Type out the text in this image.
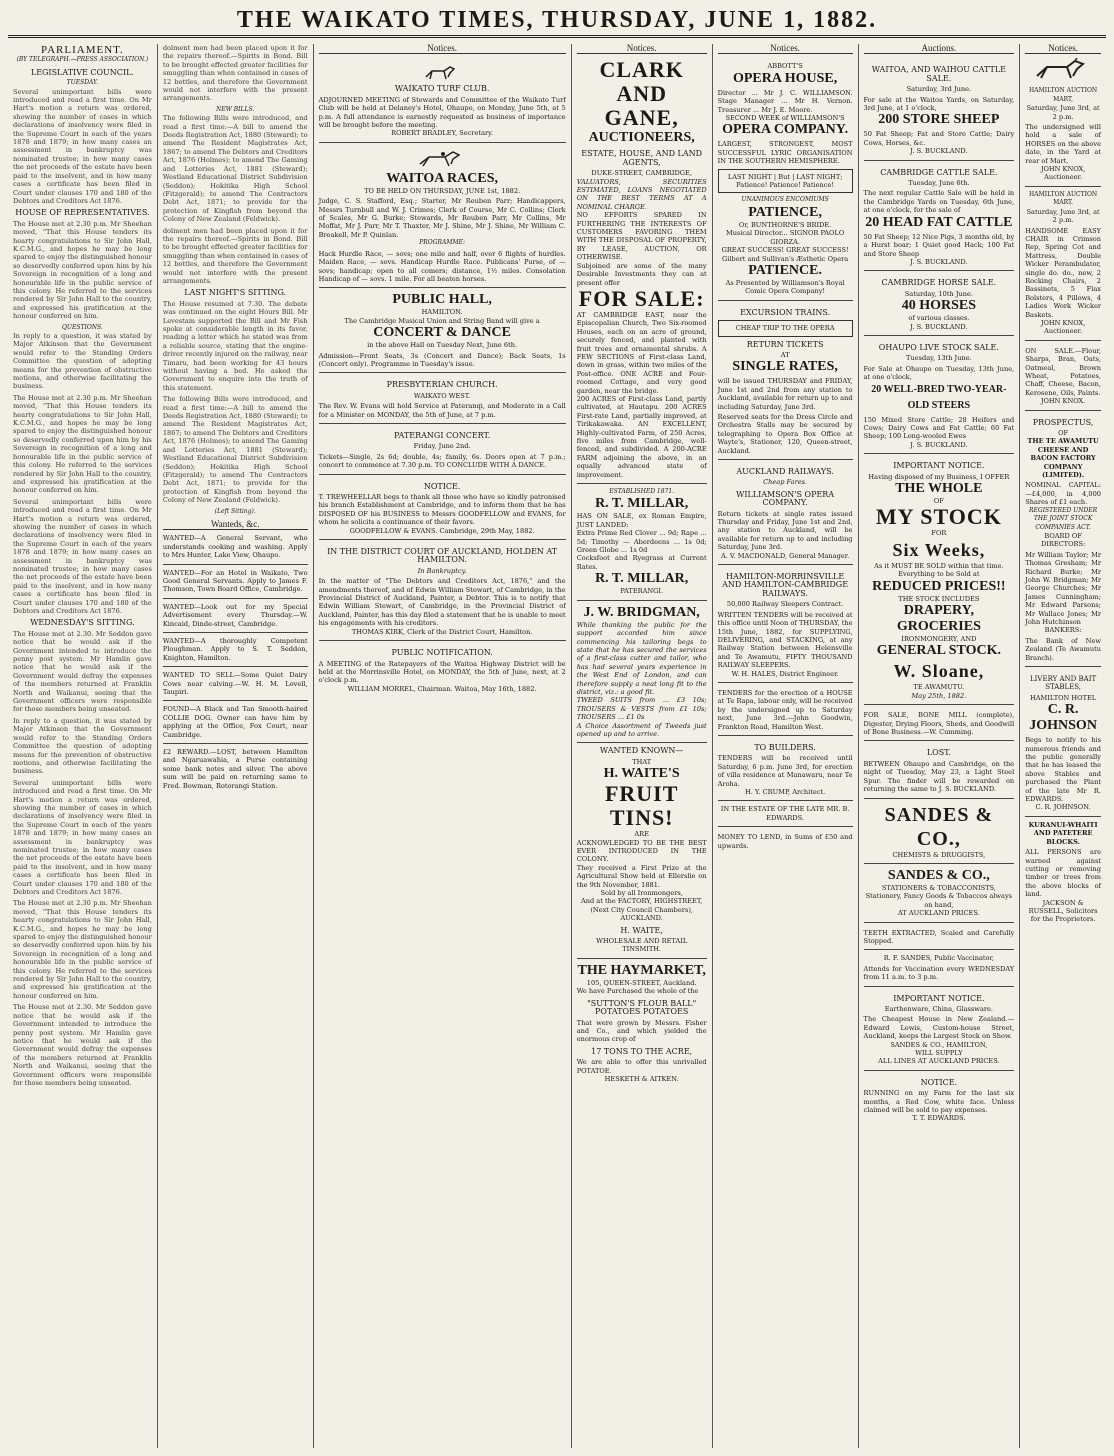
THE WAIKATO TIMES, THURSDAY, JUNE 1, 1882.
PARLIAMENT.
(BY TELEGRAPH.—PRESS ASSOCIATION.)
LEGISLATIVE COUNCIL.
TUESDAY.

Several unimportant bills were introduced and read a first time. On Mr Hart's motion a return was ordered, showing the number of cases in which declarations of insolvency were filed in the Supreme Court in each of the years 1878 and 1879; in how many cases an assessment in bankruptcy was nominated trustee; in how many cases the net proceeds of the estate have been paid to the insolvent, and in how many cases a certificate has been filed in Court under clauses 170 and 180 of the Debtors and Creditors Act 1876.

HOUSE OF REPRESENTATIVES.

The House met at 2.30 p.m. Mr Sheehan moved, "That this House tenders its hearty congratulations to Sir John Hall, K.C.M.G., and hopes he may be long spared to enjoy the distinguished honour so deservedly conferred upon him by his Sovereign in recognition of a long and honourable life in the public service of this colony. He referred to the services rendered by Sir John Hall to the country, and expressed his gratification at the honour conferred on him.

QUESTIONS.

In reply to a question, it was stated by Major Atkinson that the Government would refer to the Standing Orders Committee the question of adopting means for the prevention of obstructive motions, and otherwise facilitating the business.

The House met at 2.30 p.m. Mr Sheehan moved, "That this House tenders its hearty congratulations to Sir John Hall, K.C.M.G., and hopes he may be long spared to enjoy the distinguished honour so deservedly conferred upon him by his Sovereign in recognition of a long and honourable life in the public service of this colony. He referred to the services rendered by Sir John Hall to the country, and expressed his gratification at the honour conferred on him.

Several unimportant bills were introduced and read a first time. On Mr Hart's motion a return was ordered, showing the number of cases in which declarations of insolvency were filed in the Supreme Court in each of the years 1878 and 1879; in how many cases an assessment in bankruptcy was nominated trustee; in how many cases the net proceeds of the estate have been paid to the insolvent, and in how many cases a certificate has been filed in Court under clauses 170 and 180 of the Debtors and Creditors Act 1876.

WEDNESDAY'S SITTING.

The House met at 2.30. Mr Seddon gave notice that he would ask if the Government intended to introduce the penny post system. Mr Hamlin gave notice that he would ask if the Government would defray the expenses of the members returned at Franklin North and Waikanui, seeing that the Government officers were responsible for those members being unseated.

In reply to a question, it was stated by Major Atkinson that the Government would refer to the Standing Orders Committee the question of adopting means for the prevention of obstructive motions, and otherwise facilitating the business.

Several unimportant bills were introduced and read a first time. On Mr Hart's motion a return was ordered, showing the number of cases in which declarations of insolvency were filed in the Supreme Court in each of the years 1878 and 1879; in how many cases an assessment in bankruptcy was nominated trustee; in how many cases the net proceeds of the estate have been paid to the insolvent, and in how many cases a certificate has been filed in Court under clauses 170 and 180 of the Debtors and Creditors Act 1876.

The House met at 2.30 p.m. Mr Sheehan moved, "That this House tenders its hearty congratulations to Sir John Hall, K.C.M.G., and hopes he may be long spared to enjoy the distinguished honour so deservedly conferred upon him by his Sovereign in recognition of a long and honourable life in the public service of this colony. He referred to the services rendered by Sir John Hall to the country, and expressed his gratification at the honour conferred on him.

The House met at 2.30. Mr Seddon gave notice that he would ask if the Government intended to introduce the penny post system. Mr Hamlin gave notice that he would ask if the Government would defray the expenses of the members returned at Franklin North and Waikanui, seeing that the Government officers were responsible for those members being unseated.

dolment men had been placed upon it for the repairs thereof.—Spirits in Bond. Bill to be brought effected greater facilities for smuggling than when contained in cases of 12 bottles, and therefore the Government would not interfere with the present arrangements.

NEW BILLS.

The following Bills were introduced, and read a first time:—A bill to amend the Deeds Registration Act, 1880 (Steward); to amend The Resident Magistrates Act, 1867; to amend The Debtors and Creditors Act, 1876 (Holmes); to amend The Gaming and Lotteries Act, 1881 (Steward); Westland Educational District Subdivision (Seddon); Hokitika High School (Fitzgerald); to amend The Contractors Debt Act, 1871; to provide for the protection of Kingfish from beyond the Colony of New Zealand (Feldwick).

dolment men had been placed upon it for the repairs thereof.—Spirits in Bond. Bill to be brought effected greater facilities for smuggling than when contained in cases of 12 bottles, and therefore the Government would not interfere with the present arrangements.

LAST NIGHT'S SITTING.

The House resumed at 7.30. The debate was continued on the eight Hours Bill. Mr Levestam supported the Bill and Mr Fish spoke at considerable length in its favor, reading a letter which he stated was from a reliable source, stating that the engine-driver recently injured on the railway, near Timaru, had been working for 43 hours without having a bed. He asked the Government to enquire into the truth of this statement.

The following Bills were introduced, and read a first time:—A bill to amend the Deeds Registration Act, 1880 (Steward); to amend The Resident Magistrates Act, 1867; to amend The Debtors and Creditors Act, 1876 (Holmes); to amend The Gaming and Lotteries Act, 1881 (Steward); Westland Educational District Subdivision (Seddon); Hokitika High School (Fitzgerald); to amend The Contractors Debt Act, 1871; to provide for the protection of Kingfish from beyond the Colony of New Zealand (Feldwick).

(Left Sitting).
Wanteds, &c.

WANTED—A General Servant, who understands cooking and washing. Apply to Mrs Hunter, Lake View, Ohaupo.

WANTED—For an Hotel in Waikato, Two Good General Servants. Apply to James F. Thomson, Town Board Office, Cambridge.

WANTED—Look out for my Special Advertisement every Thursday.—W. Kincaid, Dinde-street, Cambridge.

WANTED—A thoroughly Competent Ploughman. Apply to S. T. Seddon, Knighton, Hamilton.

WANTED TO SELL—Some Quiet Dairy Cows near calving.—W. H. M. Lovell, Taupiri.

FOUND—A Black and Tan Smooth-haired COLLIE DOG. Owner can have him by applying at the Office, Fox Court, near Cambridge.

£2 REWARD.—LOST, between Hamilton and Ngaruawahia, a Purse containing some bank notes and silver. The above sum will be paid on returning same to Fred. Bowman, Rotorangi Station.

Notices.
WAIKATO TURF CLUB.

ADJOURNED MEETING of Stewards and Committee of the Waikato Turf Club will be held at Delaney's Hotel, Ohaupo, on Monday, June 5th, at 5 p.m. A full attendance is earnestly requested as business of importance will be brought before the meeting.

ROBERT BRADLEY, Secretary.
WAITOA RACES,
TO BE HELD ON THURSDAY, JUNE 1st, 1882.

Judge, C. S. Stafford, Esq.; Starter, Mr Reuben Parr; Handicappers, Messrs Turnbull and W. J. Crimes; Clerk of Course, Mr C. Collins; Clerk of Scales, Mr G. Burke; Stewards, Mr Reuben Parr, Mr Collins, Mr Moffat, Mr J. Parr, Mr T. Thaxter, Mr J. Shine, Mr J. Shine, Mr William C. Breakell, Mr P. Quinlan.

PROGRAMME:

Hack Hurdle Race, — sovs; one mile and half, over 6 flights of hurdles. Maiden Race, — sovs. Handicap Hurdle Race. Publicans' Purse, of — sovs; handicap; open to all comers; distance, 1½ miles. Consolation Handicap of — sovs. 1 mile. For all beaten horses.

PUBLIC HALL,
HAMILTON.
The Cambridge Musical Union and String Band will give a
CONCERT & DANCE
in the above Hall on Tuesday Next, June 6th.

Admission—Front Seats, 3s (Concert and Dance); Back Seats, 1s (Concert only). Programme in Tuesday's issue.

PRESBYTERIAN CHURCH.
WAIKATO WEST.

The Rev. W. Evans will hold Service at Pateranqi, and Moderate in a Call for a Minister on MONDAY, the 5th of June, at 7 p.m.

PATERANGI CONCERT.
Friday, June 2nd.

Tickets—Single, 2s 6d; double, 4s; family, 6s. Doors open at 7 p.m.; concert to commence at 7.30 p.m. TO CONCLUDE WITH A DANCE.

NOTICE.

T. TREWHEELLAR begs to thank all those who have so kindly patronised his branch Establishment at Cambridge, and to inform them that he has DISPOSED OF his BUSINESS to Messrs GOODFELLOW and EVANS, for whom he solicits a continuance of their favors.

GOODFELLOW & EVANS. Cambridge, 29th May, 1882.
IN THE DISTRICT COURT OF AUCKLAND, HOLDEN AT HAMILTON.
In Bankruptcy.

In the matter of "The Debtors and Creditors Act, 1876," and the amendments thereof, and of Edwin William Stewart, of Cambridge, in the Provincial District of Auckland, Painter, a Debtor. This is to notify that Edwin William Stewart, of Cambridge, in the Provincial District of Auckland, Painter, has this day filed a statement that he is unable to meet his engagements with his creditors.

THOMAS KIRK, Clerk of the District Court, Hamilton.
PUBLIC NOTIFICATION.

A MEETING of the Ratepayers of the Waitoa Highway District will be held at the Morrinsville Hotel, on MONDAY, the 5th of June, next, at 2 o'clock p.m.

WILLIAM MORREL, Chairman. Waitoa, May 16th, 1882.
Notices.
CLARK AND GANE,
AUCTIONEERS,
ESTATE, HOUSE, AND LAND AGENTS,
DUKE-STREET, CAMBRIDGE,

VALUATORS, SECURITIES ESTIMATED, LOANS NEGOTIATED ON THE BEST TERMS AT A NOMINAL CHARGE.

NO EFFORTS SPARED IN FURTHERING THE INTERESTS OF CUSTOMERS FAVORING THEM WITH THE DISPOSAL OF PROPERTY, BY LEASE, AUCTION, OR OTHERWISE.

Subjoined are some of the many Desirable Investments they can at present offer

FOR SALE:

AT CAMBRIDGE EAST, near the Episcopalian Church, Two Six-roomed Houses, each on an acre of ground, securely fenced, and planted with fruit trees and ornamental shrubs. A FEW SECTIONS of First-class Land, down in grass, within two miles of the Post-office. ONE ACRE and Four-roomed Cottage, and very good garden, near the bridge.

200 ACRES of First-class Land, partly cultivated, at Hautapu. 200 ACRES First-rate Land, partially improved, at Tirikakawaka. AN EXCELLENT, Highly-cultivated Farm, of 250 Acres, five miles from Cambridge, well-fenced, and subdivided. A 200-ACRE FARM adjoining the above, in an equally advanced state of improvement.

ESTABLISHED 1871.
R. T. MILLAR,

HAS ON SALE, ex Roman Empire, JUST LANDED:

Extra Prime Red Clover ... 9d; Rape ... 5d; Timothy — Aberdeens ... 1s 0d; Green Globe ... 1s 0d

Cocksfoot and Ryegrass at Current Rates.

R. T. MILLAR,
PATERANGI.
J. W. BRIDGMAN,

While thanking the public for the support accorded him since commencing his tailoring begs to state that he has secured the services of a first-class cutter and tailor, who has had several years experience in the West End of London, and can therefore supply a neat long fit to the district, viz.: a good fit.

TWEED SUITS from ... £3 10s; TROUSERS & VESTS from £1 10s; TROUSERS ... £1 0s

A Choice Assortment of Tweeds just opened up and to arrive.

WANTED KNOWN—
THAT
H. WAITE'S
FRUIT TINS!
ARE

ACKNOWLEDGED TO BE THE BEST EVER INTRODUCED IN THE COLONY.

They received a First Prize at the Agricultural Show held at Ellerslie on the 9th November, 1881.

Sold by all Ironmongers,
And at the FACTORY, HIGHSTREET,
(Next City Council Chambers), AUCKLAND.
H. WAITE,
WHOLESALE AND RETAIL TINSMITH.
THE HAYMARKET,
105, QUEEN-STREET, Auckland.

We have Purchased the whole of the

"SUTTON'S FLOUR BALL" POTATOES POTATOES

That were grown by Messrs. Fisher and Co., and which yielded the enormous crop of

17 TONS TO THE ACRE,

We are able to offer this unrivalled POTATOE.

HESKETH & AITKEN.
Notices.
ABBOTT'S
OPERA HOUSE,

Director ... Mr J. C. WILLIAMSON. Stage Manager ... Mr H. Vernon. Treasurer ... Mr J. E. Moore.

SECOND WEEK of WILLIAMSON'S
OPERA COMPANY.

LARGEST, STRONGEST, MOST SUCCESSFUL LYRIC ORGANISATION IN THE SOUTHERN HEMISPHERE.

LAST NIGHT | But | LAST NIGHT; Patience! Patience! Patience!
UNANIMOUS ENCOMIUMS
PATIENCE,
Or, BUNTHORNE'S BRIDE.
Musical Director... SIGNOR PAOLO GIORZA.
GREAT SUCCESS! GREAT SUCCESS! Gilbert and Sullivan's Æsthetic Opera
PATIENCE.
As Presented by Williamson's Royal Comic Opera Company!
EXCURSION TRAINS.
CHEAP TRIP TO THE OPERA
RETURN TICKETS
AT
SINGLE RATES,

will be issued THURSDAY and FRIDAY, June 1st and 2nd from any station to Auckland, available for return up to and including Saturday, June 3rd.

Reserved seats for the Dress Circle and Orchestra Stalls may be secured by telegraphing to Opera Box Office at Wayte's, Stationer, 120, Queen-street, Auckland.

AUCKLAND RAILWAYS.
Cheap Fares.
WILLIAMSON'S OPERA COMPANY.

Return tickets at single rates issued Thursday and Friday, June 1st and 2nd, any station to Auckland, will be available for return up to and including Saturday, June 3rd.

A. V. MACDONALD, General Manager.
HAMILTON-MORRINSVILLE AND HAMILTON-CAMBRIDGE RAILWAYS.
50,000 Railway Sleepers Contract.

WRITTEN TENDERS will be received at this office until Noon of THURSDAY, the 15th June, 1882, for SUPPLYING, DELIVERING, and STACKING, at any Railway Station between Helensville and Te Awamutu, FIFTY THOUSAND RAILWAY SLEEPERS.

W. H. HALES, District Engineer.

TENDERS for the erection of a HOUSE at Te Rapa, labour only, will be received by the undersigned up to Saturday next, June 3rd.—John Goodwin, Frankton Road, Hamilton West.

TO BUILDERS.

TENDERS will be received until Saturday, 6 p.m. June 3rd, for erection of villa residence at Manawaru, near Te Aroha.

H. Y. CRUMP, Architect.
IN THE ESTATE OF THE LATE MR. B. EDWARDS.

MONEY TO LEND, in Sums of £50 and upwards.

Auctions.
WAITOA, AND WAIHOU CATTLE SALE.
Saturday, 3rd June.

For sale at the Waitoa Yards, on Saturday, 3rd June, at 1 o'clock,

200 STORE SHEEP

50 Fat Sheep; Fat and Store Cattle; Dairy Cows, Horses, &c.

J. S. BUCKLAND.
CAMBRIDGE CATTLE SALE.
Tuesday, June 6th.

The next regular Cattle Sale will be held in the Cambridge Yards on Tuesday, 6th June, at one o'clock, for the sale of

20 HEAD FAT CATTLE

50 Fat Sheep; 12 Nice Pigs, 3 months old, by a Hurst boar; 1 Quiet good Hack; 100 Fat and Store Sheep

J. S. BUCKLAND.
CAMBRIDGE HORSE SALE.
Saturday, 10th June.
40 HORSES
of various classes.
J. S. BUCKLAND.
OHAUPO LIVE STOCK SALE.
Tuesday, 13th June.

For Sale at Ohaupo on Tuesday, 13th June, at one o'clock,

20 WELL-BRED TWO-YEAR-OLD STEERS

150 Mixed Store Cattle; 28 Heifers and Cows; Dairy Cows and Fat Cattle; 60 Fat Sheep; 100 Long-wooled Ewes

J. S. BUCKLAND.
IMPORTANT NOTICE.
Having disposed of my Business, I OFFER
THE WHOLE
OF
MY STOCK
FOR
Six Weeks,
As it MUST BE SOLD within that time.
Everything to be Sold at
REDUCED PRICES!!
THE STOCK INCLUDES
DRAPERY, GROCERIES
IRONMONGERY, AND
GENERAL STOCK.
W. Sloane,
TE AWAMUTU.
May 25th, 1882.

FOR SALE, BONE MILL (complete), Digester, Drying Floors, Sheds, and Goodwill of Bone Business.—W. Cumming.

LOST.

BETWEEN Ohaupo and Cambridge, on the night of Tuesday, May 23, a Light Steel Spur. The finder will be rewarded on returning the same to J. S. BUCKLAND.

SANDES & CO.,
CHEMISTS & DRUGGISTS,
SANDES & CO.,
STATIONERS & TOBACCONISTS,
Stationery, Fancy Goods & Tobaccos always on hand,
AT AUCKLAND PRICES.

TEETH EXTRACTED, Scaled and Carefully Stopped.

R. F. SANDES, Public Vaccinator,

Attends for Vaccination every WEDNESDAY from 11 a.m. to 3 p.m.

IMPORTANT NOTICE.
Earthenware, China, Glassware.

The Cheapest House in New Zealand.—Edward Lewis, Custom-house Street, Auckland, keeps the Largest Stock on Show.

SANDES & CO., HAMILTON,
WILL SUPPLY
ALL LINES AT AUCKLAND PRICES.
NOTICE.

RUNNING on my Farm for the last six months, a Red Cow, white face. Unless claimed will be sold to pay expenses.

T. T. EDWARDS.
Notices.
HAMILTON AUCTION MART,
Saturday, June 3rd, at 2 p.m.

The undersigned will hold a sale of HORSES on the above date, in the Yard at rear of Mart.

JOHN KNOX, Auctioneer.
HAMILTON AUCTION MART.
Saturday, June 3rd, at 2 p.m.

HANDSOME EASY CHAIR in Crimson Rep, Spring Cot and Mattress, Double Wicker Perambulator, single do. do., new, 2 Rocking Chairs, 2 Bassinets, 5 Flax Bolsters, 4 Pillows, 4 Ladies Work Wicker Baskets.

JOHN KNOX, Auctioneer.

ON SALE.—Flour, Sharps, Bran, Oats, Oatmeal, Brown Wheat, Potatoes, Chaff, Cheese, Bacon, Kerosene, Oils, Paints.

JOHN KNOX.
PROSPECTUS,
OF
THE TE AWAMUTU CHEESE AND BACON FACTORY COMPANY (LIMITED).

NOMINAL CAPITAL:—£4,000, in 4,000 Shares of £1 each.

REGISTERED UNDER THE JOINT STOCK COMPANIES ACT.
BOARD OF DIRECTORS:

Mr William Taylor; Mr Thomas Gresham; Mr Richard Burke; Mr John W. Bridgman; Mr George Churches; Mr James Cunningham; Mr Edward Parsons; Mr Wallace Jones; Mr John Hutchinson

BANKERS:

The Bank of New Zealand (Te Awamutu Branch).

LIVERY AND BAIT STABLES,
HAMILTON HOTEL
C. R. JOHNSON

Begs to notify to his numerous friends and the public generally that he has leased the above Stables and purchased the Plant of the late Mr R. EDWARDS.

C. R. JOHNSON.
KURANUI-WHAITI AND PATETERE BLOCKS.

ALL PERSONS are warned against cutting or removing timber or trees from the above blocks of land.

JACKSON & RUSSELL, Solicitors for the Proprietors.
